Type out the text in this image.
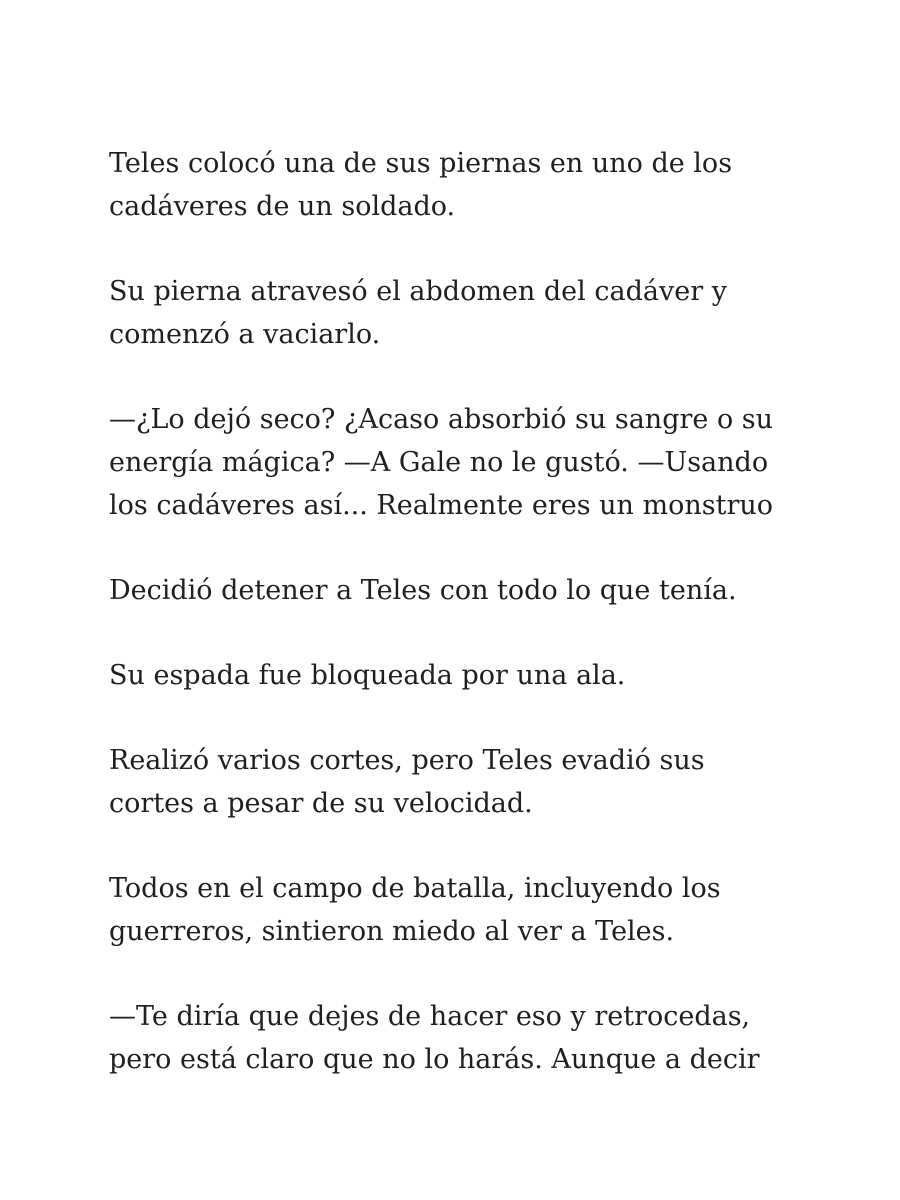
Teles colocó una de sus piernas en uno de los
cadáveres de un soldado.

Su pierna atravesó el abdomen del cadáver y
comenzó a vaciarlo.

—¿Lo dejó seco? ¿Acaso absorbió su sangre o su
energía mágica? —A Gale no le gustó. —Usando
los cadáveres así... Realmente eres un monstruo

Decidió detener a Teles con todo lo que tenía.

Su espada fue bloqueada por una ala.

Realizó varios cortes, pero Teles evadió sus
cortes a pesar de su velocidad.

Todos en el campo de batalla, incluyendo los
guerreros, sintieron miedo al ver a Teles.

—Te diría que dejes de hacer eso y retrocedas,
pero está claro que no lo harás. Aunque a decir
